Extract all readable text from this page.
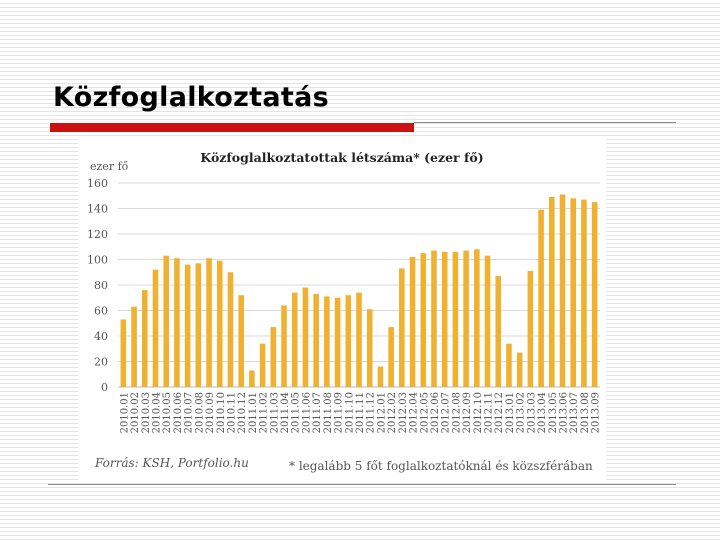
Közfoglalkoztatás
Közfoglalkoztatottak létszáma* (ezer fő)
ezer fő
0
20
40
60
80
100
120
140
160
2010.01 2010.02 2010.03 2010.04 2010.05 2010.06 2010.07 2010.08 2010.09 2010.10 2010.11 2010.12 2011.01 2011.02 2011.03 2011.04 2011.05 2011.06 2011.07 2011.08 2011.09 2011.10 2011.11 2011.12 2012.01 2012.02 2012.03 2012.04 2012.05 2012.06 2012.07 2012.08 2012.09 2012.10 2012.11 2012.12 2013.01 2013.02 2013.03 2013.04 2013.05 2013.06 2013.07 2013.08 2013.09
Forrás: KSH, Portfolio.hu	* legalább 5 főt foglalkoztatóknál és közszférában
